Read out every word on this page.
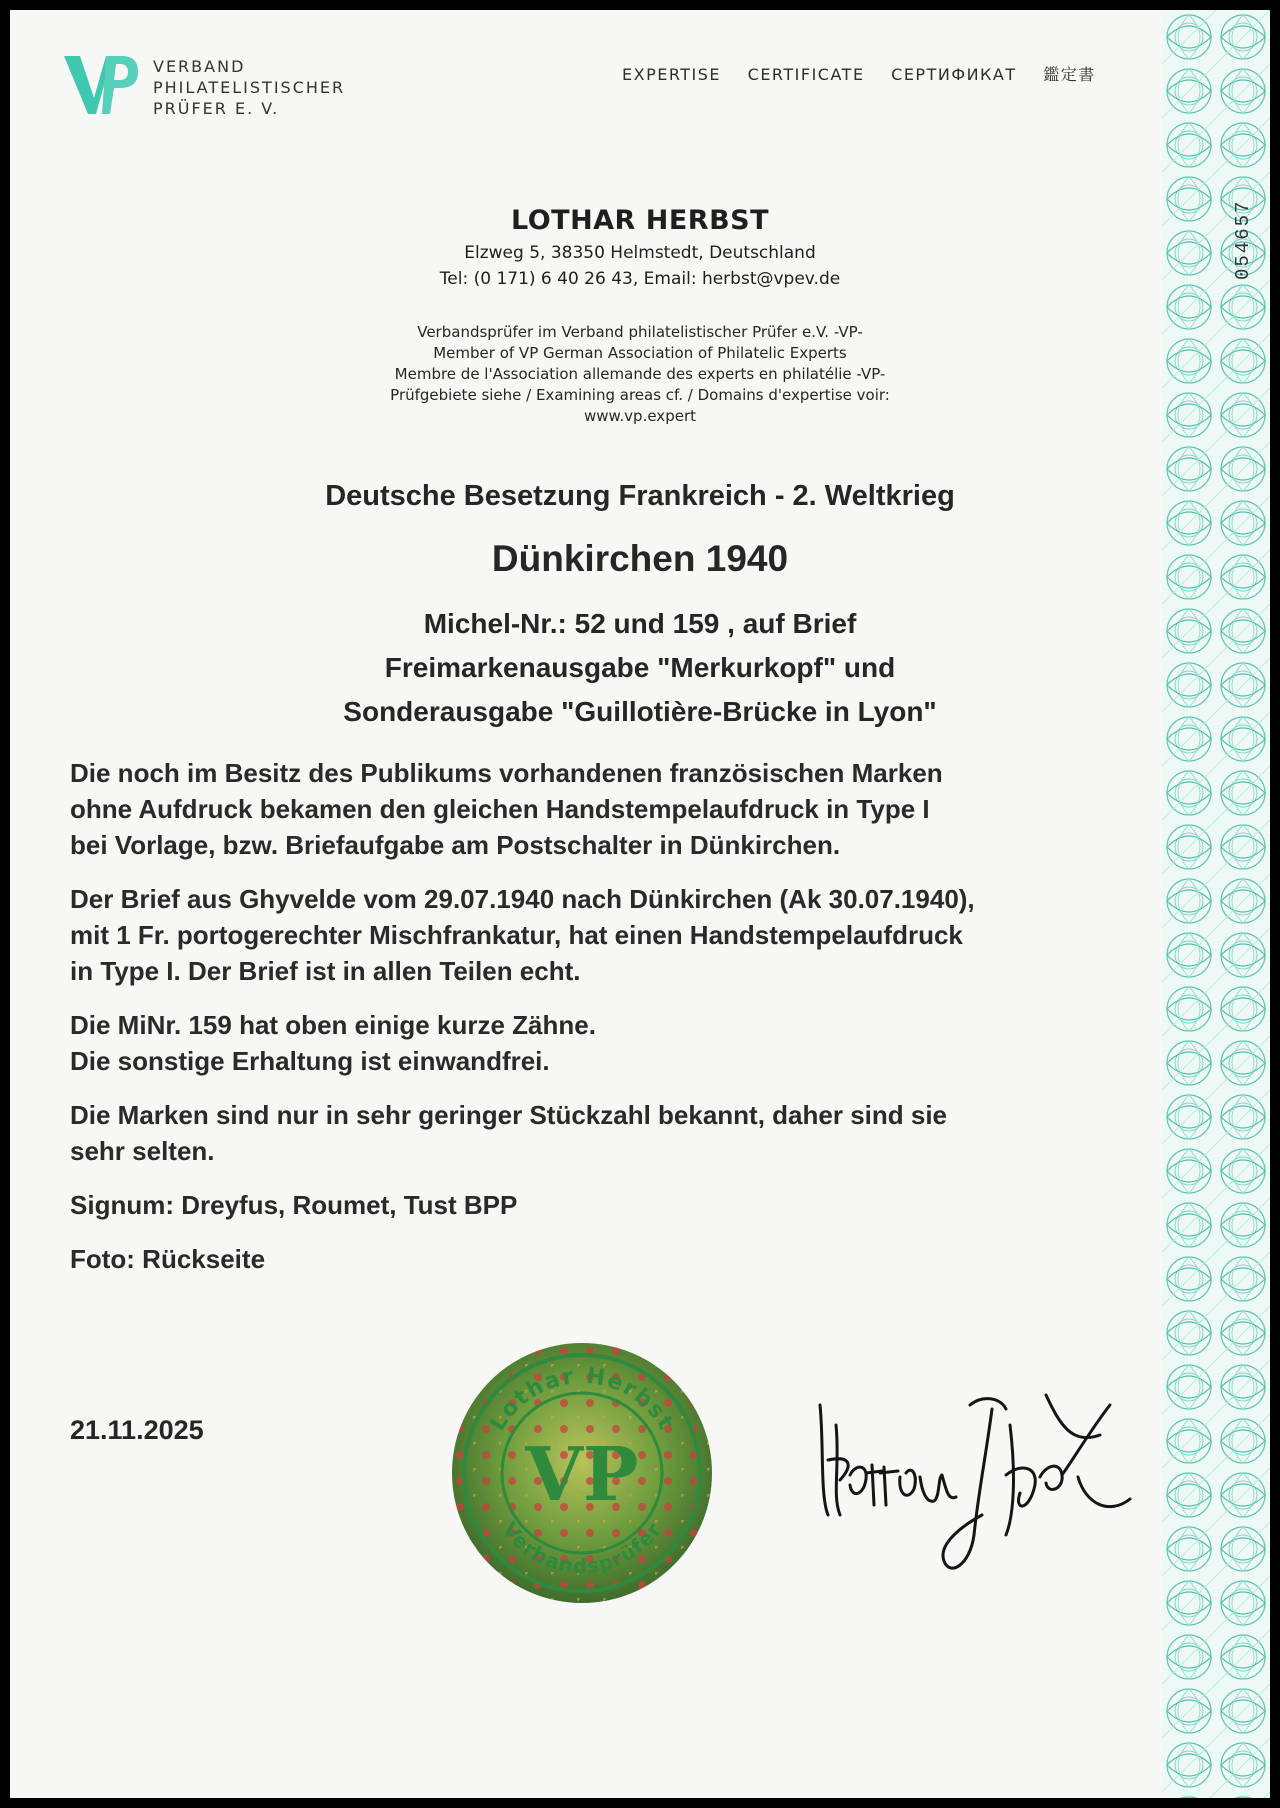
054657
VERBAND
PHILATELISTISCHER
PRÜFER E. V.
EXPERTISE CERTIFICATE СЕРТИФИКАТ 鑑定書
LOTHAR HERBST
Elzweg 5, 38350 Helmstedt, Deutschland
Tel: (0 171) 6 40 26 43, Email: herbst@vpev.de
Verbandsprüfer im Verband philatelistischer Prüfer e.V. -VP-
Member of VP German Association of Philatelic Experts
Membre de l'Association allemande des experts en philatélie -VP-
Prüfgebiete siehe / Examining areas cf. / Domains d'expertise voir:
www.vp.expert
Deutsche Besetzung Frankreich - 2. Weltkrieg
Dünkirchen 1940
Michel-Nr.: 52 und 159 , auf Brief
Freimarkenausgabe "Merkurkopf" und
Sonderausgabe "Guillotière-Brücke in Lyon"
Die noch im Besitz des Publikums vorhandenen französischen Marken
ohne Aufdruck bekamen den gleichen Handstempelaufdruck in Type I
bei Vorlage, bzw. Briefaufgabe am Postschalter in Dünkirchen.
Der Brief aus Ghyvelde vom 29.07.1940 nach Dünkirchen (Ak 30.07.1940),
mit 1 Fr. portogerechter Mischfrankatur, hat einen Handstempelaufdruck
in Type I. Der Brief ist in allen Teilen echt.
Die MiNr. 159 hat oben einige kurze Zähne.
Die sonstige Erhaltung ist einwandfrei.
Die Marken sind nur in sehr geringer Stückzahl bekannt, daher sind sie
sehr selten.
Signum: Dreyfus, Roumet, Tust BPP
Foto: Rückseite
21.11.2025	Lothar Herbst
Verbandsprüfer
VP
